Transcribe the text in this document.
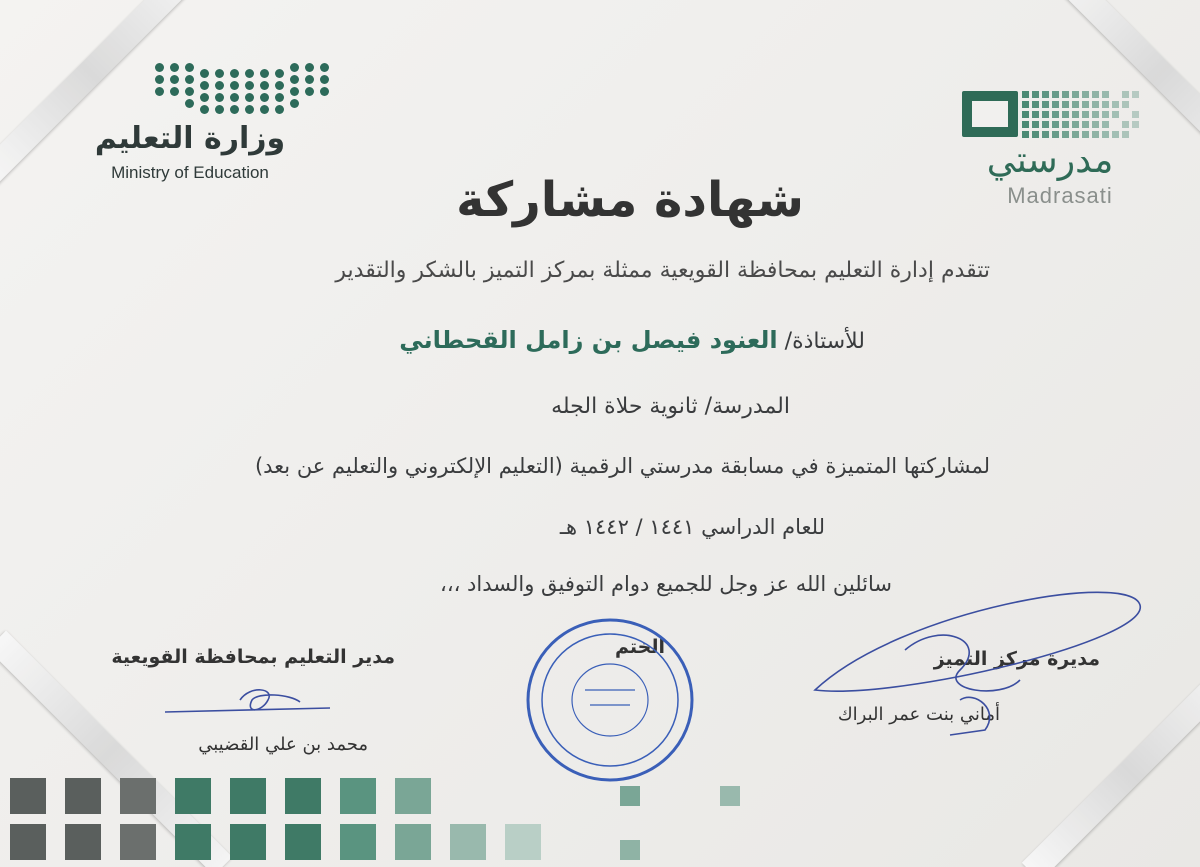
وزارة التعليم
Ministry of Education	مدرستي
Madrasati
شهادة مشاركة
تتقدم إدارة التعليم بمحافظة القويعية ممثلة بمركز التميز بالشكر والتقدير
للأستاذة/ العنود فيصل بن زامل القحطاني
المدرسة/ ثانوية حلاة الجله
لمشاركتها المتميزة في مسابقة مدرستي الرقمية (التعليم الإلكتروني والتعليم عن بعد)
للعام الدراسي ١٤٤١ / ١٤٤٢ هـ
سائلين الله عز وجل للجميع دوام التوفيق والسداد ،،،
مدير التعليم بمحافظة القويعية
محمد بن علي القضيبي
الختم
مديرة مركز التميز
أماني بنت عمر البراك
